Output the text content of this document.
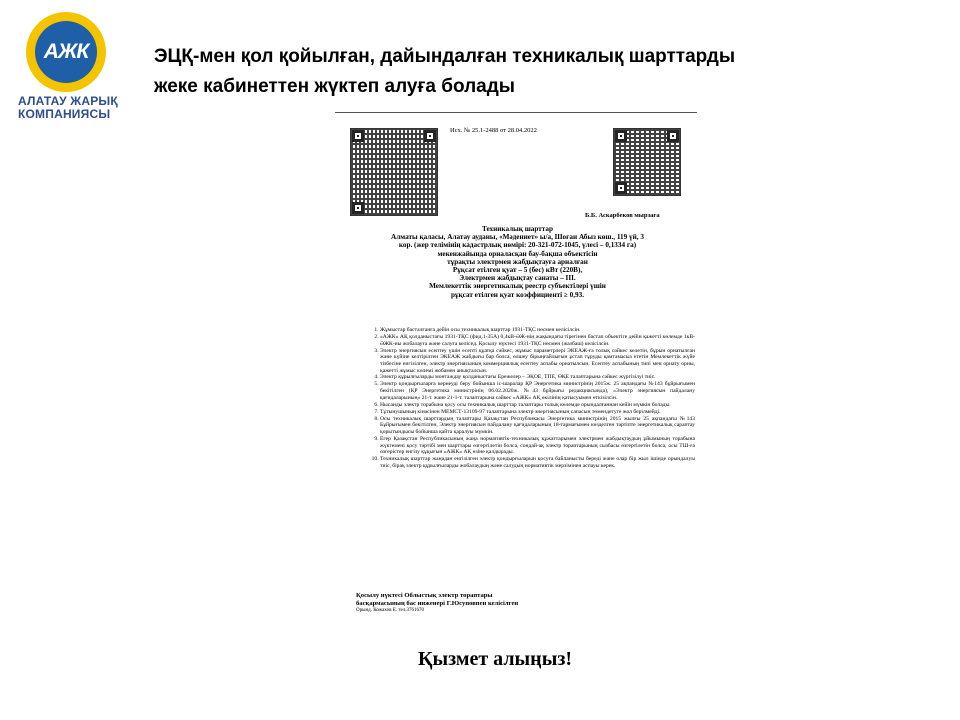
АЖК
АЛАТАУ ЖАРЫҚ
КОМПАНИЯСЫ
ЭЦҚ-мен қол қойылған, дайындалған техникалық шарттарды
жеке кабинеттен жүктеп алуға болады
Исх. № 25.1-2488 от 28.04.2022
Б.Б. Аскарбеков мырзаға
Техникалық шарттар
Алматы қаласы, Алатау ауданы, «Мәдениет» ы/а, Шоған Абыз көш., 119 үй, 3
кор. (жер телімінің кадастрлық нөмірі: 20-321-072-1045, үлесі – 0,1334 га)
мекенжайында орналасқан бау-бақша объектісін
тұрақты электрмен жабдықтауға арналған
Рұқсат етілген қуат – 5 (бес) кВт (220В),
Электрмен жабдықтау санаты – III.
Мемлекеттік энергетикалық реестр субъектілері үшін
рұқсат етілген қуат коэффициенті ≥ 0,93.
1. Жұмыстар басталғанға дейін осы техникалық шарттар 1931-ТҚС нөсмен келісілсін.
2. «АЖК» АҚ қолданыстағы 1931-ТҚС (фид.1-35А) 0,4кВ-ӘЖ-нің жақындағы тірегінен бастап объектіге дейін қажетті көлемде 1кВ-ӘЖК-ны жобалауға және салуға келісед. Қосылу нүктесі 1931-ТҚС нөсмен (жазбаш) келісілсін.
3. Электр энергиясын есептеу үшін есепті құатқа сәйкес, жұмыс параметрлері ЭКЕАЖ-ға толық сәйкес келетін, бұрын орнатылған және күйіне келтірілген ЭКЕАЖ жабдығы бар болса, өлшеу бірыңғайлығын ұстап тұруды қамтамасыз ететін Мемлекеттік жүйе тізбесіне енгізілген, электр энергиясының коммерциялық есептеу аспабы орнатылсын. Есептеу аспабының типі мен орнату орны, қажетті жұмыс көлемі жобамен анықталсын.
4. Электр құрылғыларды монтаждау қолданыстағы Ережелер – ЭҚОЕ, ТПЕ, ӨҚЕ талаптарына сәйкес жүргізілуі тиіс.
5. Электр қондырғыларға кернеуді беру бойынша іс-шаралар ҚР Энергетика министрінің 2015ж. 25 ақпандағы №143 бұйрығымен бекітілген (ҚР Энергетика министрінің 06.02.2020ж. №43 бұйрығы редакциясында), «Электр энергиясын пайдалану қағидаларының» 21-т. және 21-1-т. талаптарына сәйкес «АЖК» АҚ өкілінің қатысуымен өткізілсін.
6. Нысанды электр торабына қосу осы техникалық шарттар талаптары толық көлемде орындалғаннан кейін мүмкін болады.
7. Тұтынушының кінәсінен МЕМСТ-13109-97 талаптарына электр энергиясының сапасын төмендетуге жол берілмейді.
8. Осы техникалық шарттардың талаптары Қазақстан Республикасы Энергетика министрінің 2015 жылғы 25 ақпандағы №143 Бұйрығымен бекітілген, Электр энергиясын пайдалану қағидаларының 18-тармағымен көзделген тәртіпте энергетикалық сараптау қорытындысы бойынша қайта қаралуы мүмкін.
9. Егер Қазақстан Республикасының жаңа нормативтік-техникалық құжаттарымен электрмен жабдықтаудың ұйымының торабына жүктемені қосу тәртібі мен шарттары өзгертілетін болса, сондай-ақ электр тораптарының сызбасы өзгертілетін болса, осы ТШ-ға өзгерістер енгізу құқығын «АЖК» АҚ өзіне қалдырады.
10. Техникалық шарттар жаңадан енгізілген электр қондырғыларын қосуға байланысты береді және олар бір жыл ішінде орындалуы тиіс, бірақ электр құрылғыларды жобалаудың және салудың нормативтік мерзімінен аспауы керек.
Қосылу нүктесі Облыстық электр тораптары
басқармасының бас инженері Г.Юсуповпен келісілген
Орынд. Кожахов Е. тел.3761670
Қызмет алыңыз!
